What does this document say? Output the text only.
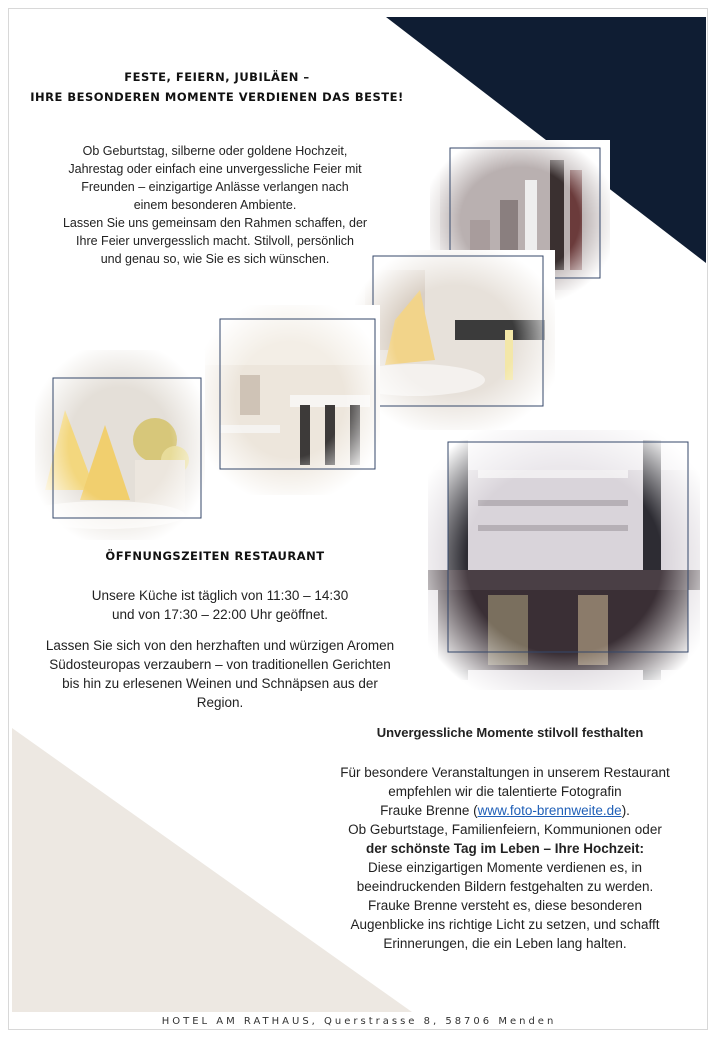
FESTE, FEIERN, JUBILÄEN –
IHRE BESONDEREN MOMENTE VERDIENEN DAS BESTE!
Ob Geburtstag, silberne oder goldene Hochzeit,
Jahrestag oder einfach eine unvergessliche Feier mit
Freunden – einzigartige Anlässe verlangen nach
einem besonderen Ambiente.
Lassen Sie uns gemeinsam den Rahmen schaffen, der
Ihre Feier unvergesslich macht. Stilvoll, persönlich
und genau so, wie Sie es sich wünschen.
ÖFFNUNGSZEITEN RESTAURANT
Unsere Küche ist täglich von 11:30 – 14:30
und von 17:30 – 22:00 Uhr geöffnet.
Lassen Sie sich von den herzhaften und würzigen Aromen
Südosteuropas verzaubern – von traditionellen Gerichten
bis hin zu erlesenen Weinen und Schnäpsen aus der
Region.
Unvergessliche Momente stilvoll festhalten
Für besondere Veranstaltungen in unserem Restaurant
empfehlen wir die talentierte Fotografin
Frauke Brenne (www.foto-brennweite.de).
Ob Geburtstage, Familienfeiern, Kommunionen oder
der schönste Tag im Leben – Ihre Hochzeit:
Diese einzigartigen Momente verdienen es, in
beeindruckenden Bildern festgehalten zu werden.
Frauke Brenne versteht es, diese besonderen
Augenblicke ins richtige Licht zu setzen, und schafft
Erinnerungen, die ein Leben lang halten.
HOTEL AM RATHAUS, Querstrasse 8, 58706 Menden
